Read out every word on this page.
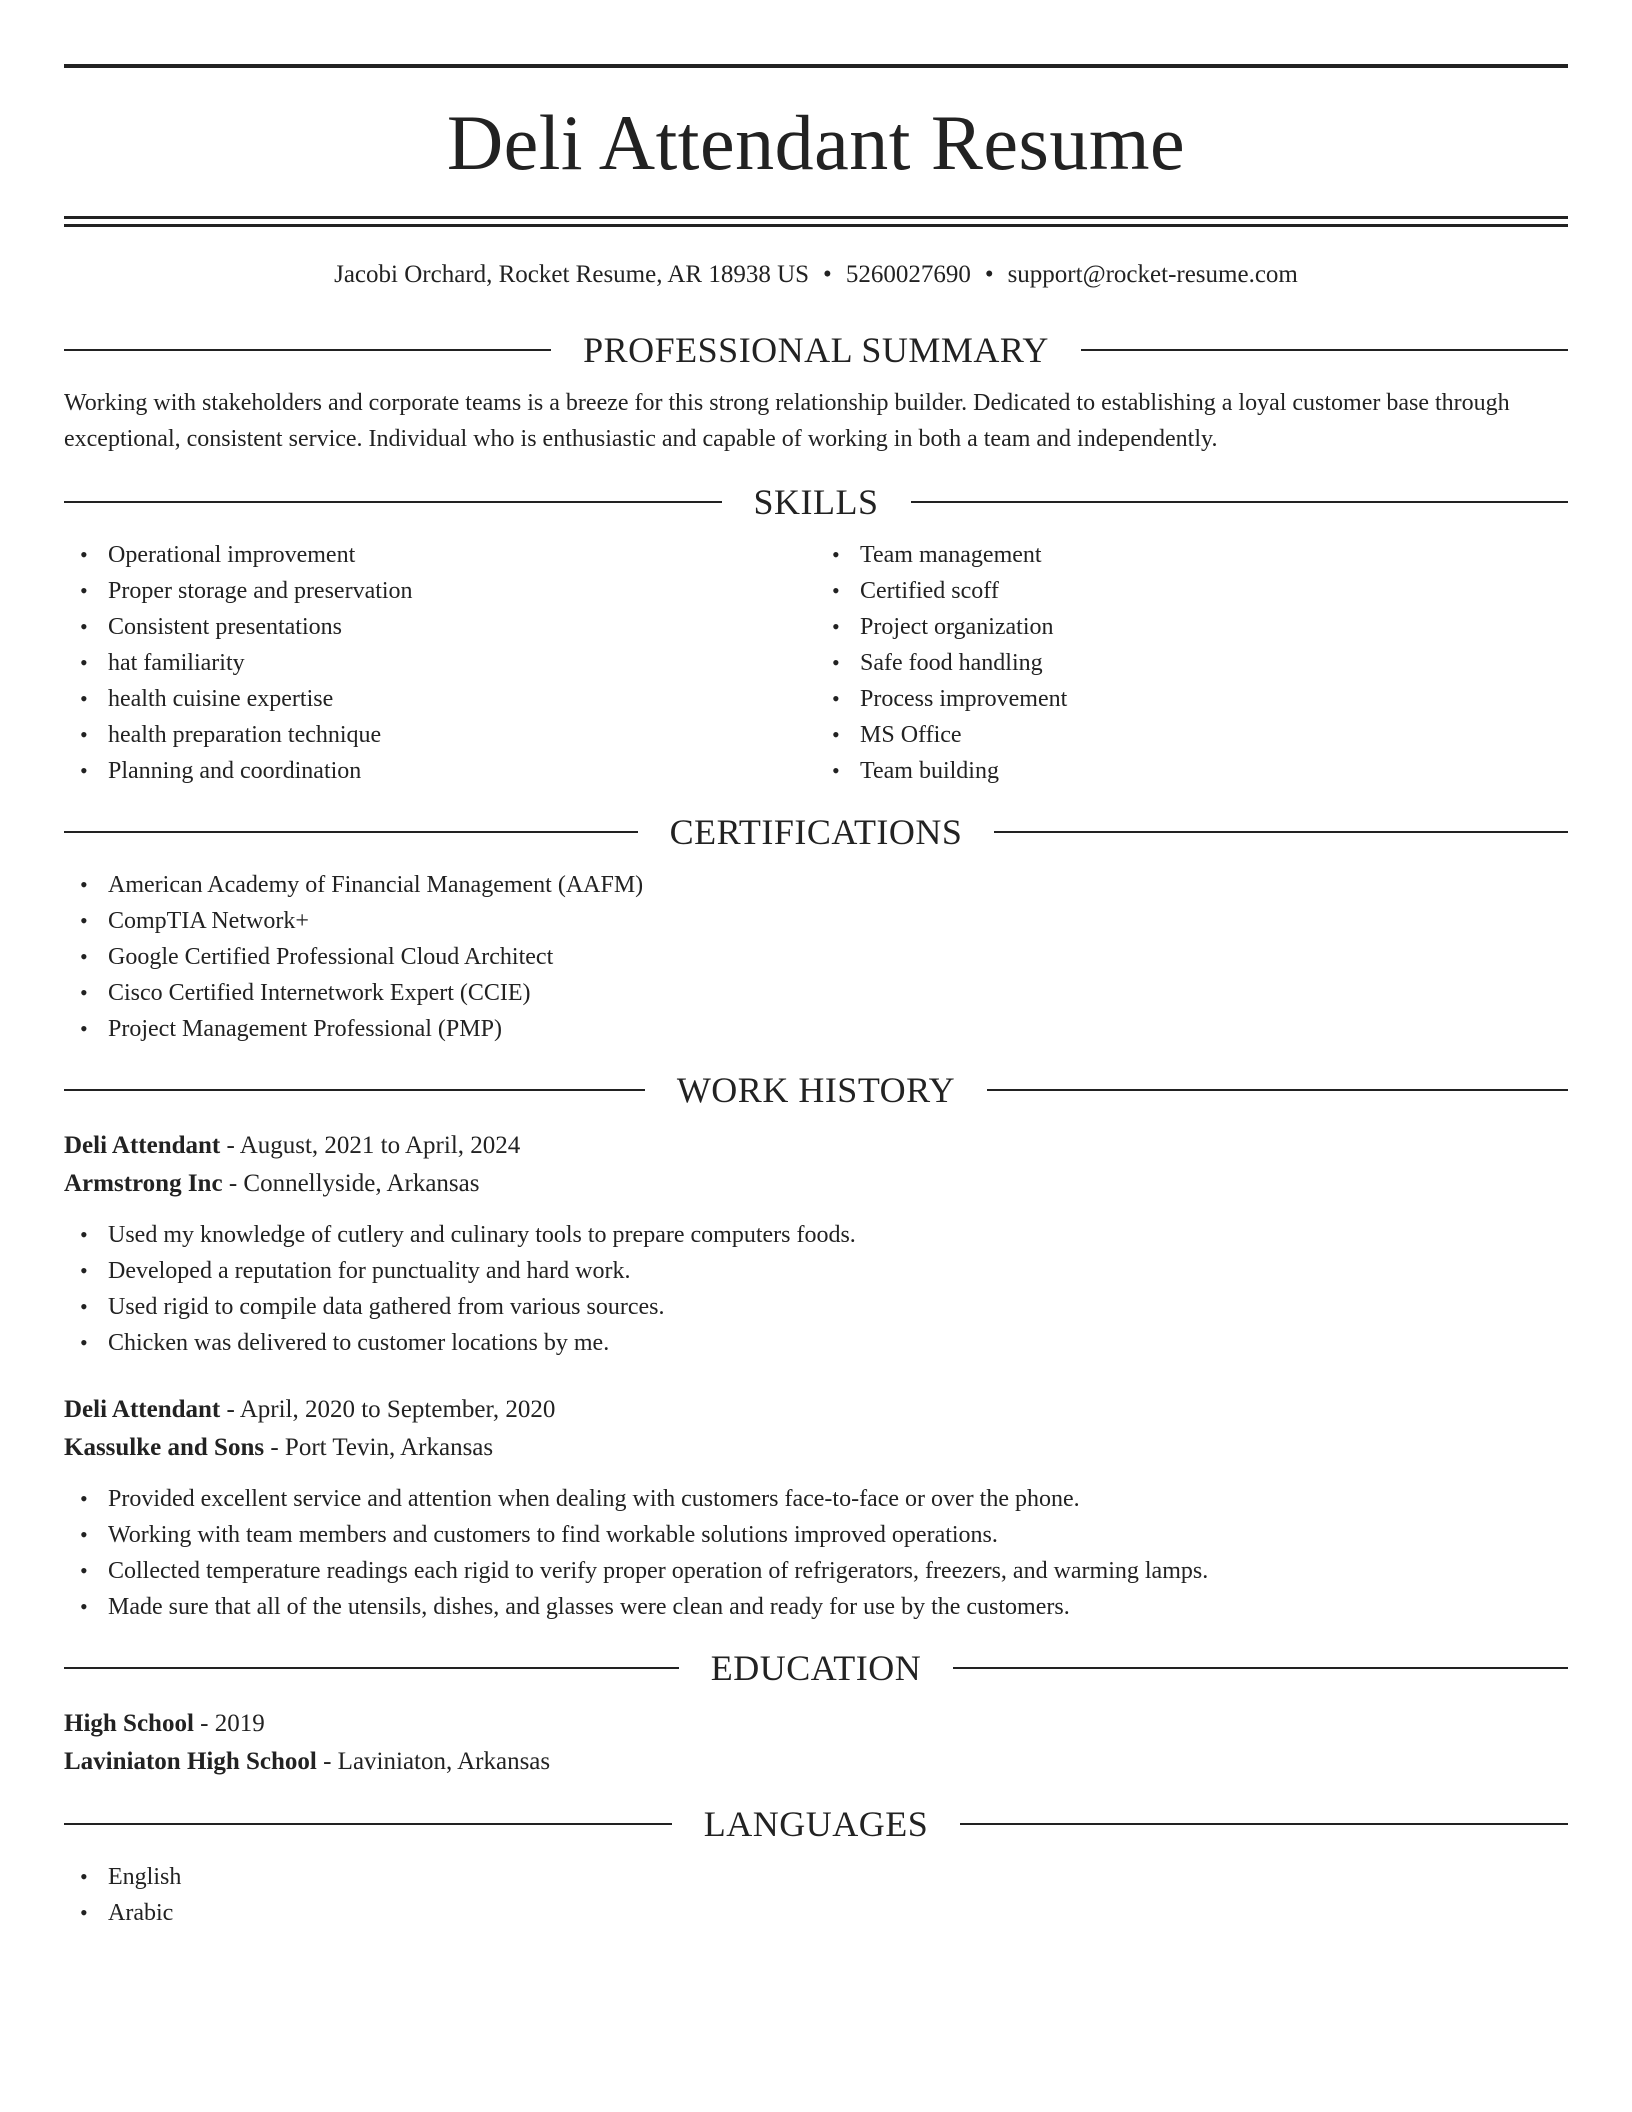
Deli Attendant Resume
Jacobi Orchard, Rocket Resume, AR 18938 US • 5260027690 • support@rocket-resume.com
PROFESSIONAL SUMMARY

Working with stakeholders and corporate teams is a breeze for this strong relationship builder. Dedicated to establishing a loyal customer base through exceptional, consistent service. Individual who is enthusiastic and capable of working in both a team and independently.

SKILLS
• Operational improvement
• Proper storage and preservation
• Consistent presentations
• hat familiarity
• health cuisine expertise
• health preparation technique
• Planning and coordination
• Team management
• Certified scoff
• Project organization
• Safe food handling
• Process improvement
• MS Office
• Team building
CERTIFICATIONS
• American Academy of Financial Management (AAFM)
• CompTIA Network+
• Google Certified Professional Cloud Architect
• Cisco Certified Internetwork Expert (CCIE)
• Project Management Professional (PMP)
WORK HISTORY
Deli Attendant - August, 2021 to April, 2024
Armstrong Inc - Connellyside, Arkansas
• Used my knowledge of cutlery and culinary tools to prepare computers foods.
• Developed a reputation for punctuality and hard work.
• Used rigid to compile data gathered from various sources.
• Chicken was delivered to customer locations by me.
Deli Attendant - April, 2020 to September, 2020
Kassulke and Sons - Port Tevin, Arkansas
• Provided excellent service and attention when dealing with customers face-to-face or over the phone.
• Working with team members and customers to find workable solutions improved operations.
• Collected temperature readings each rigid to verify proper operation of refrigerators, freezers, and warming lamps.
• Made sure that all of the utensils, dishes, and glasses were clean and ready for use by the customers.
EDUCATION
High School - 2019
Laviniaton High School - Laviniaton, Arkansas
LANGUAGES
• English
• Arabic
